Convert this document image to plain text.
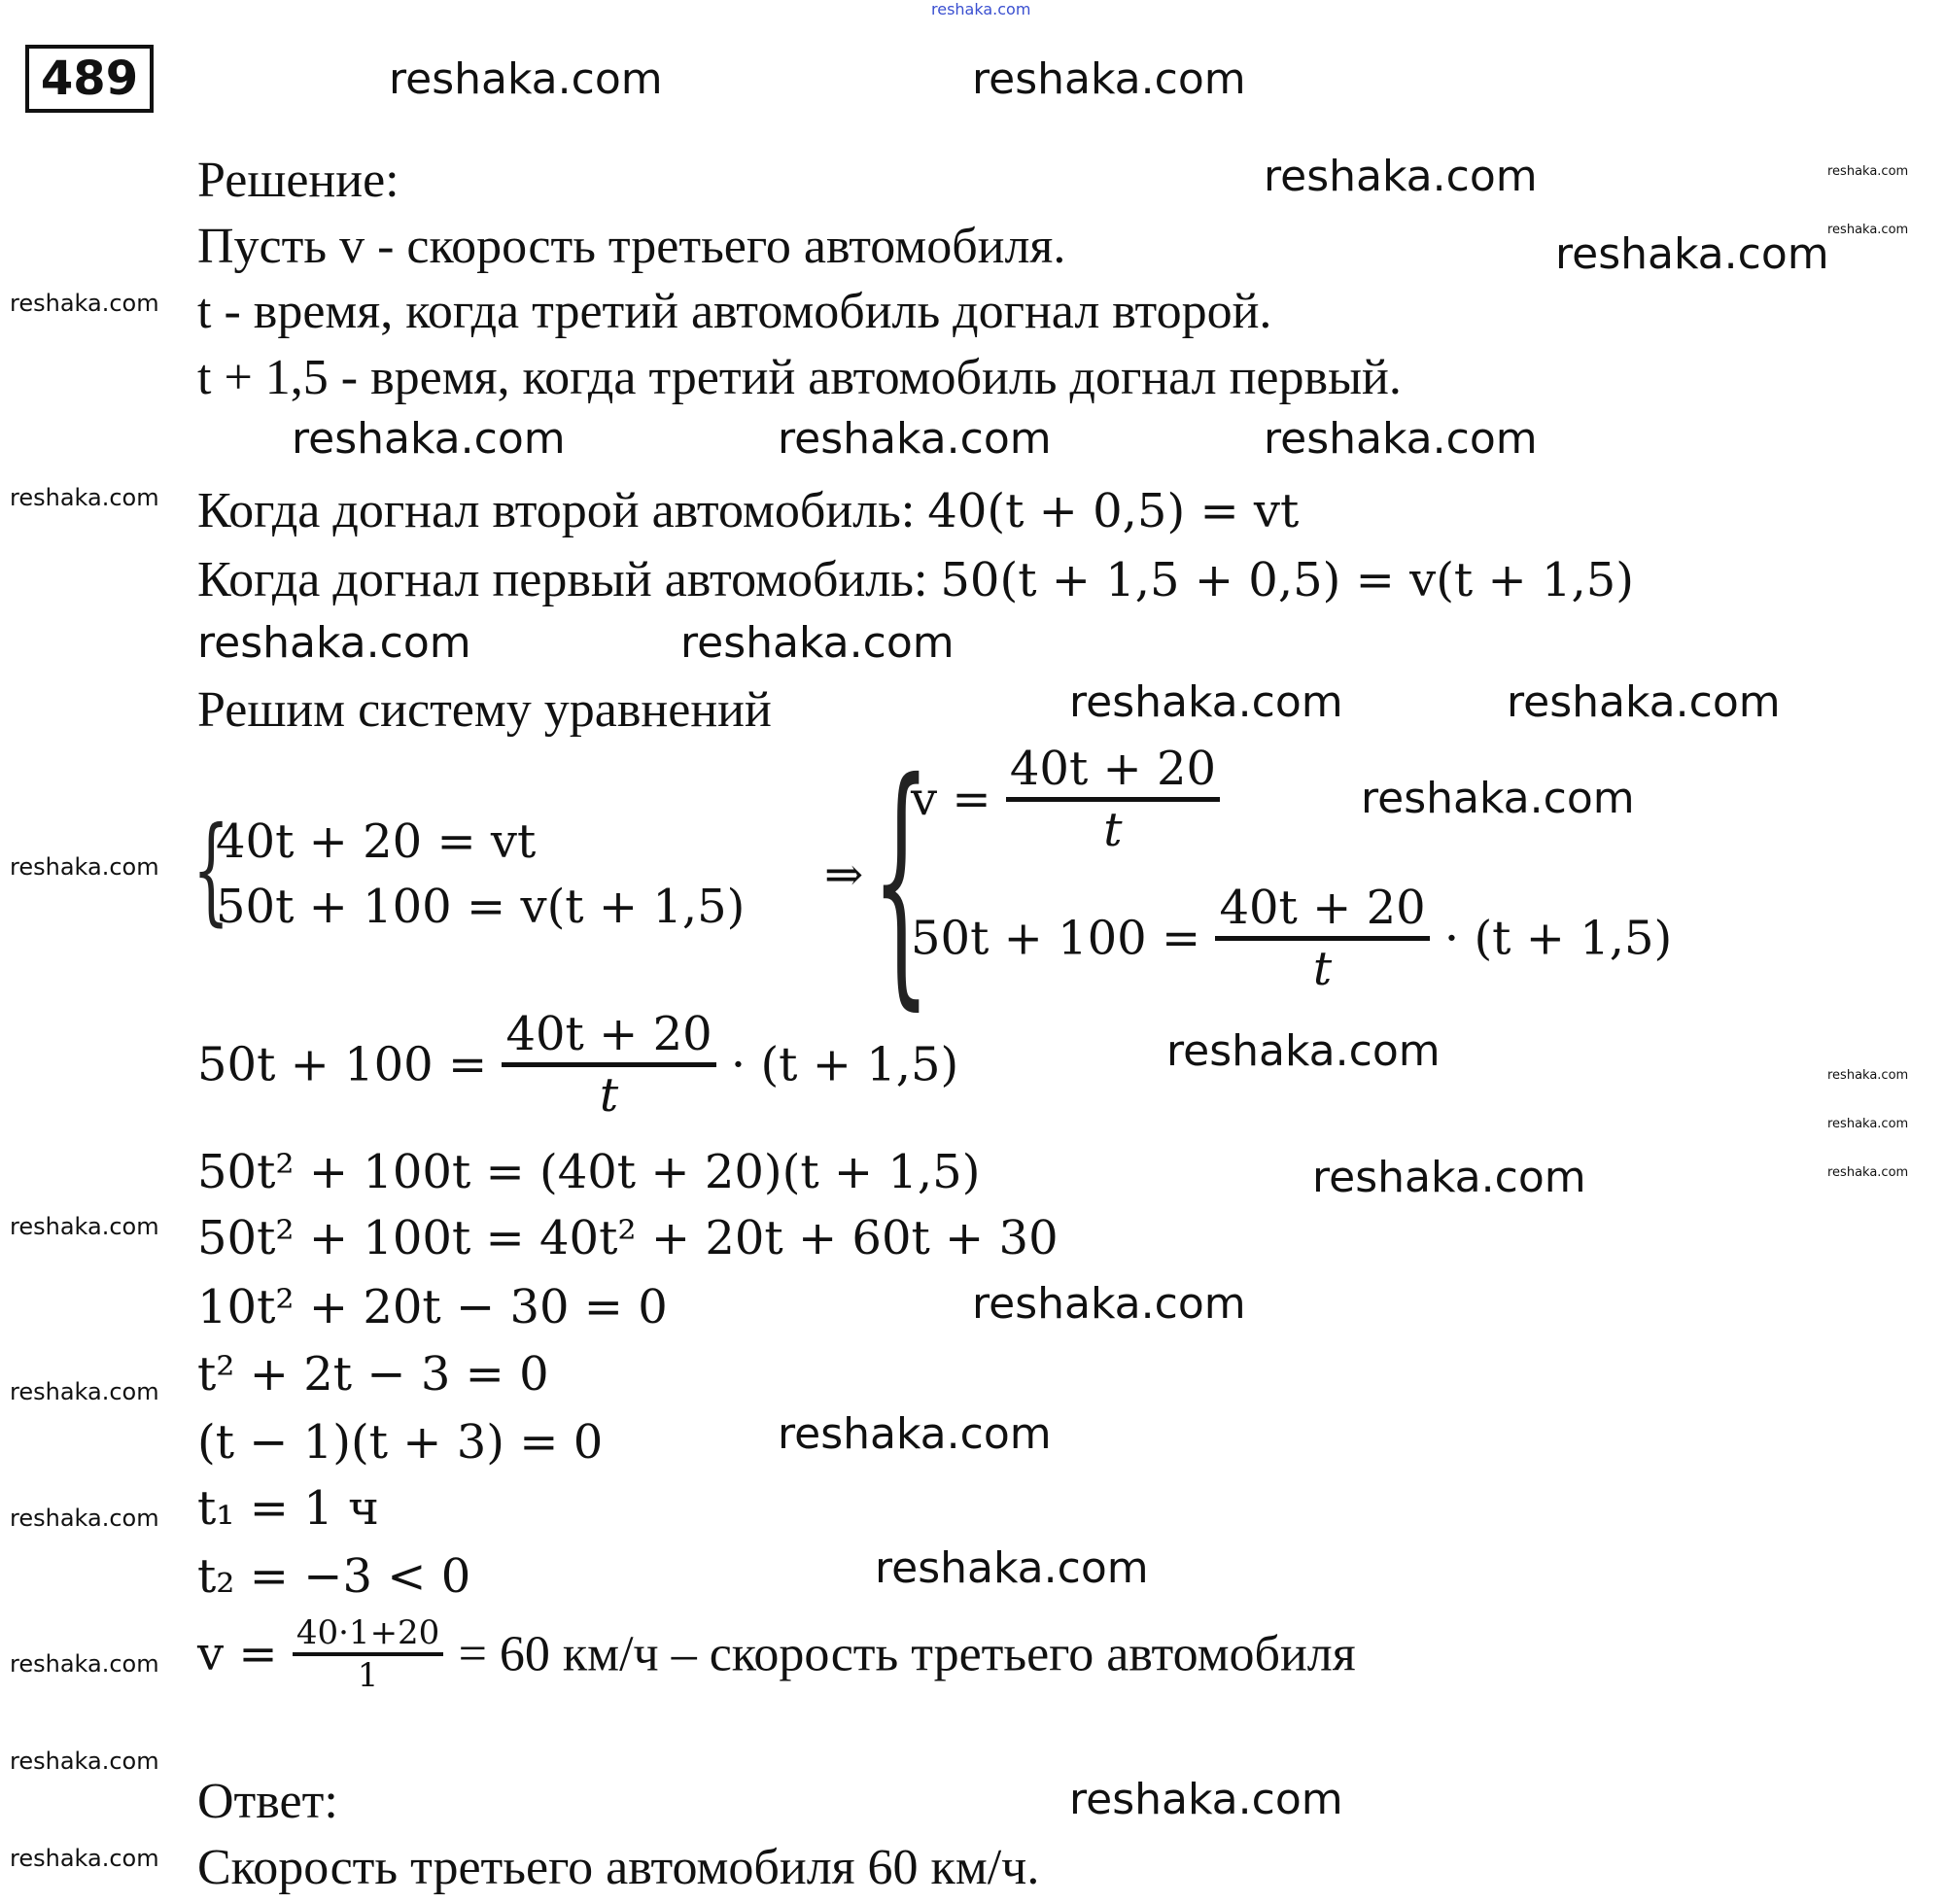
489
Решение:
Пусть v - скорость третьего автомобиля.
t - время, когда третий автомобиль догнал второй.
t + 1,5 - время, когда третий автомобиль догнал первый.
Когда догнал второй автомобиль: 40(t + 0,5) = vt
Когда догнал первый автомобиль: 50(t + 1,5 + 0,5) = v(t + 1,5)
Решим систему уравнений
{
40t + 20 = vt
50t + 100 = v(t + 1,5)
⇒ {
v =
40t + 20
t
50t + 100 =
40t + 20
t
· (t + 1,5)
50t + 100 =
40t + 20
t
· (t + 1,5)
50t² + 100t = (40t + 20)(t + 1,5)
50t² + 100t = 40t² + 20t + 60t + 30
10t² + 20t − 30 = 0
t² + 2t − 3 = 0
(t − 1)(t + 3) = 0
t₁ = 1 ч
t₂ = −3 < 0
$v = \frac{40\cdot 1+20}{1} = 60$ км/ч – скорость третьего автомобиля
Ответ:
Скорость третьего автомобиля 60 км/ч.
reshaka.com
reshaka.com	reshaka.com
reshaka.com
reshaka.com
reshaka.com	reshaka.com	reshaka.com
reshaka.com	reshaka.com
reshaka.com	reshaka.com
reshaka.com
reshaka.com
reshaka.com
reshaka.com
reshaka.com
reshaka.com
reshaka.com
reshaka.com
reshaka.com
reshaka.com
reshaka.com
reshaka.com
reshaka.com
reshaka.com
reshaka.com
reshaka.com
reshaka.com
reshaka.com
reshaka.com
reshaka.com
reshaka.com
